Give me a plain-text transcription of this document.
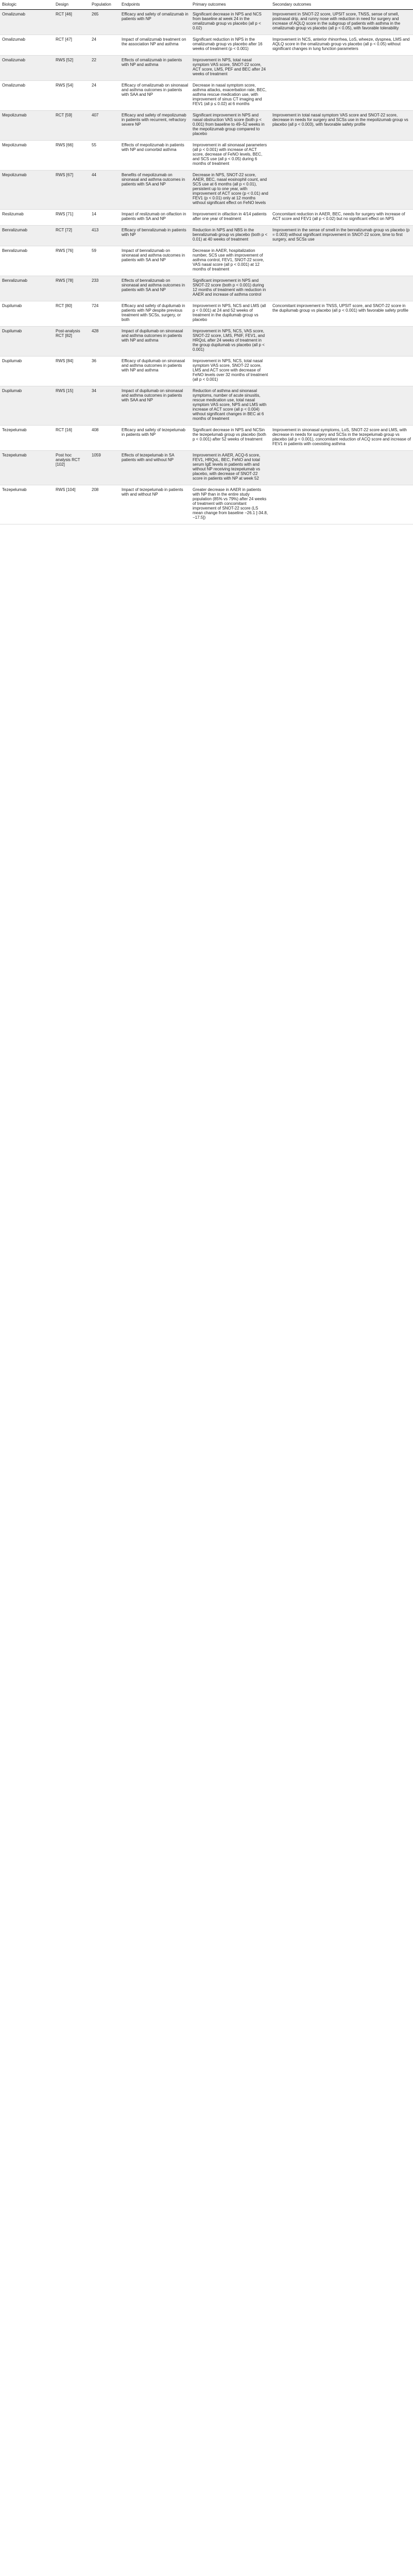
Biologic	Design	Population	Endpoints	Primary outcomes	Secondary outcomes
Omalizumab	RCT [46]	265	Efficacy and safety of omalizumab in patients with NP	Significant decrease in NPS and NCS from baseline at week 24 in the omalizumab group vs placebo (all p < 0.02)	Improvement in SNOT-22 score, UPSIT score, TNSS, sense of smell, postnasal drip, and runny nose with reduction in need for surgery and increase of AQLQ score in the subgroup of patients with asthma in the omalizumab group vs placebo (all p < 0.05), with favorable tolerability
Omalizumab	RCT [47]	24	Impact of omalizumab treatment on the association NP and asthma	Significant reduction in NPS in the omalizumab group vs placebo after 16 weeks of treatment (p < 0.001)	Improvement in NCS, anterior rhinorrhea, LoS, wheeze, dyspnea, LMS and AQLQ score in the omalizumab group vs placebo (all p < 0.05) without significant changes in lung function parameters
Omalizumab	RWS [52]	22	Effects of omalizumab in patients with NP and asthma	Improvement in NPS, total nasal symptom VAS score, SNOT-22 score, ACT score, LMS, PEF and BEC after 24 weeks of treatment	
Omalizumab	RWS [54]	24	Efficacy of omalizumab on sinonasal and asthma outcomes in patients with SAA and NP	Decrease in nasal symptom score, asthma attacks, exacerbation rate, BEC, asthma rescue medication use, with improvement of sinus CT imaging and FEV1 (all p ≤ 0.02) at 6 months	
Mepolizumab	RCT [59]	407	Efficacy and safety of mepolizumab in patients with recurrent, refractory severe NP	Significant improvement in NPS and nasal obstruction VAS score (both p < 0.001) from baseline to 49–52 weeks in the mepolizumab group compared to placebo	Improvement in total nasal symptom VAS score and SNOT-22 score, decrease in needs for surgery and SCSs use in the mepolizumab group vs placebo (all p < 0.003), with favorable safety profile
Mepolizumab	RWS [66]	55	Effects of mepolizumab in patients with NP and comorbid asthma	Improvement in all sinonasal parameters (all p < 0.001) with increase of ACT score, decrease of FeNO levels, BEC, and SCS use (all p < 0.05) during 6 months of treatment	
Mepolizumab	RWS [67]	44	Benefits of mepolizumab on sinonasal and asthma outcomes in patients with SA and NP	Decrease in NPS, SNOT-22 score, AAER, BEC, nasal eosinophil count, and SCS use at 6 months (all p < 0.01), persistent up to one year, with improvement of ACT score (p < 0.01) and FEV1 (p < 0.01) only at 12 months without significant effect on FeNO levels	
Reslizumab	RWS [71]	14	Impact of reslizumab on olfaction in patients with SA and NP	Improvement in olfaction in 4/14 patients after one year of treatment	Concomitant reduction in AAER, BEC, needs for surgery with increase of ACT score and FEV1 (all p < 0.02) but no significant effect on NPS
Benralizumab	RCT [72]	413	Efficacy of benralizumab in patients with NP	Reduction in NPS and NBS in the benralizumab group vs placebo (both p < 0.01) at 40 weeks of treatment	Improvement in the sense of smell in the benralizumab group vs placebo (p = 0.003) without significant improvement in SNOT-22 score, time to first surgery, and SCSs use
Benralizumab	RWS [76]	59	Impact of benralizumab on sinonasal and asthma outcomes in patients with SA and NP	Decrease in AAER, hospitalization number, SCS use with improvement of asthma control, FEV1, SNOT-22 score, VAS nasal score (all p < 0.001) at 12 months of treatment	
Benralizumab	RWS [78]	233	Effects of benralizumab on sinonasal and asthma outcomes in patients with SA and NP	Significant improvement in NPS and SNOT-22 score (both p < 0.001) during 12 months of treatment with reduction in AAER and increase of asthma control	
Dupilumab	RCT [80]	724	Efficacy and safety of dupilumab in patients with NP despite previous treatment with SCSs, surgery, or both	Improvement in NPS, NCS and LMS (all p < 0.001) at 24 and 52 weeks of treatment in the dupilumab group vs placebo	Concomitant improvement in TNSS, UPSIT score, and SNOT-22 score in the dupilumab group vs placebo (all p < 0.001) with favorable safety profile
Dupilumab	Post-analysis RCT [82]	428	Impact of dupilumab on sinonasal and asthma outcomes in patients with NP and asthma	Improvement in NPS, NCS, VAS score, SNOT-22 score, LMS, PNIF, FEV1, and HRQoL after 24 weeks of treatment in the group dupilumab vs placebo (all p < 0.001)	
Dupilumab	RWS [84]	36	Efficacy of dupilumab on sinonasal and asthma outcomes in patients with NP and asthma	Improvement in NPS, NCS, total nasal symptom VAS score, SNOT-22 score, LMS and ACT score with decrease of FeNO levels over 32 months of treatment (all p < 0.001)	
Dupilumab	RWS [15]	34	Impact of dupilumab on sinonasal and asthma outcomes in patients with SAA and NP	Reduction of asthma and sinonasal symptoms, number of acute sinusitis, rescue medication use, total nasal symptom VAS score, NPS and LMS with increase of ACT score (all p < 0.004) without significant changes in BEC at 6 months of treatment	
Tezepelumab	RCT [16]	408	Efficacy and safety of tezepelumab in patients with NP	Significant decrease in NPS and NCSin the tezepelumab group vs placebo (both p < 0.001) after 52 weeks of treatment	Improvement in sinonasal symptoms, LoS, SNOT-22 score and LMS, with decrease in needs for surgery and SCSs in the tezepelumab group vs placebo (all p < 0.001), concomitant reduction of ACQ score and increase of FEV1 in patients with coexisting asthma
Tezepelumab	Post hoc analysis RCT [102]	1059	Effects of tezepelumab in SA patients with and without NP	Improvement in AAER, ACQ-6 score, FEV1, HRQoL, BEC, FeNO and total serum IgE levels in patients with and without NP receiving tezepelumab vs placebo, with decrease of SNOT-22 score in patients with NP at week 52	
Tezepelumab	RWS [104]	208	Impact of tezepelumab in patients with and without NP	Greater decrease in AAER in patients with NP than in the entire study population (85% vs 79%) after 24 weeks of treatment with concomitant improvement of SNOT-22 score (LS mean change from baseline −26.1 [-34.8, −17.5])	
